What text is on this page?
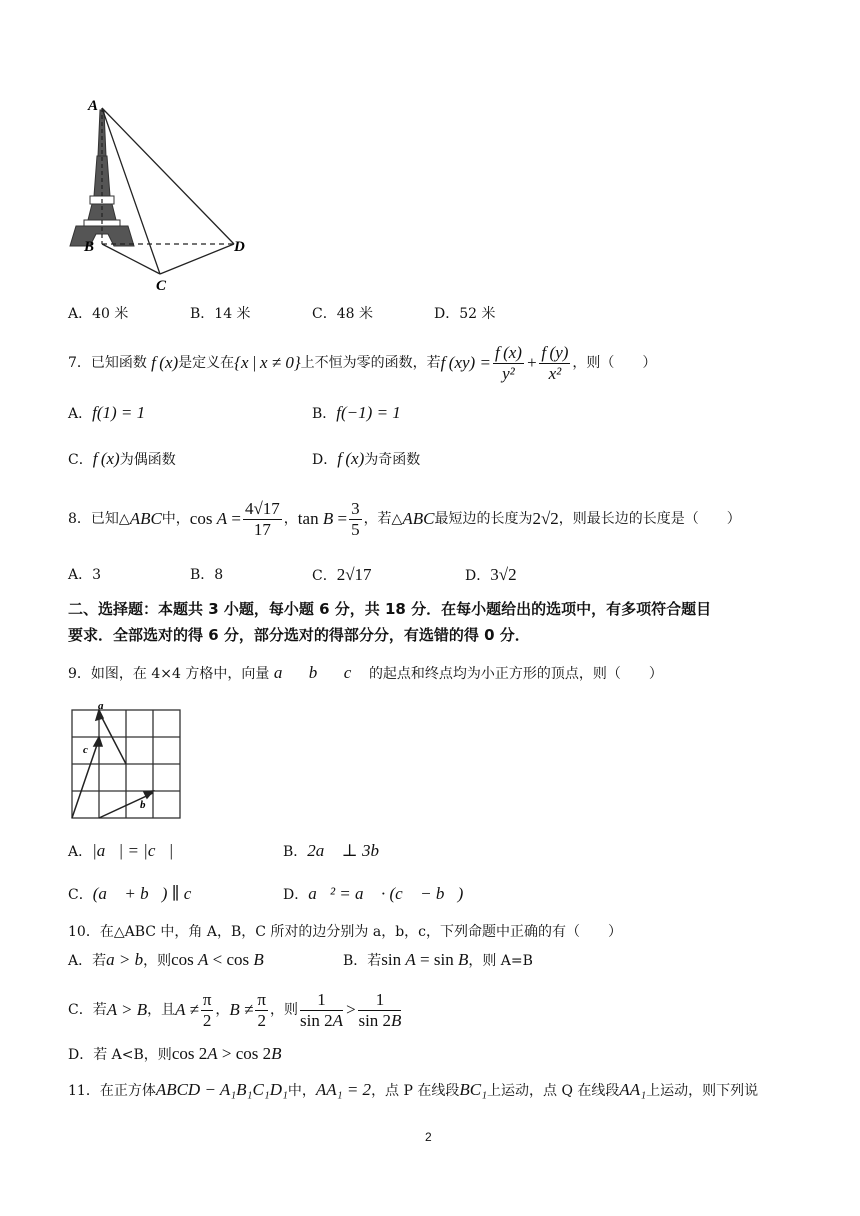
A
B
C
D
A．40 米	B．14 米	C．48 米	D．52 米
7．已知函数 f (x) 是定义在 {x | x ≠ 0} 上不恒为零的函数，若 f $(xy) = \frac{f (x)}{\text{y²}} + \frac{f (y)}{\text{x²}}$ ，则（　　）
A．f(1) = 1	B．f(−1) = 1
C．f (x)为偶函数	D．f (x)为奇函数
8．已知△ ABC 中， $\cos A = \frac{4√17}{17}$ ， $\tan B = \frac{3}{5}$ ，若△ ABC 最短边的长度为 2√2 ，则最长边的长度是（　　）
A．3	B．8	C．2√17	D．3√2
二、选择题：本题共 3 小题，每小题 6 分，共 18 分．在每小题给出的选项中，有多项符合题目
要求．全部选对的得 6 分，部分选对的得部分分，有选错的得 0 分．
9．如图，在 4×4 方格中，向量 a⃗，b⃗，c⃗ 的起点和终点均为小正方形的顶点，则（　　）
a
c
b
A．|a⃗| = |c⃗|	B．2a⃗ ⊥ 3b⃗
C．(a⃗ + b⃗) ∥ c⃗	D．a⃗² = a⃗ · (c⃗ − b⃗)
10．在△ABC 中，角 A，B，C 所对的边分别为 a，b，c，下列命题中正确的有（　　）
A．若a > b，则cos A < cos B	B．若sin A = sin B，则 A=B
C．若 A > B ，且 $A \ne \frac{\pi}{2}$ ， $B \ne \frac{\pi}{2}$ ，则 $\frac{1}{\sin 2A} > \frac{1}{\sin 2B}$
D．若 A<B，则cos 2A > cos 2B
11．在正方体ABCD − A₁B₁C₁D₁中，AA₁ = 2，点 P 在线段BC₁上运动，点 Q 在线段AA₁上运动，则下列说
2
